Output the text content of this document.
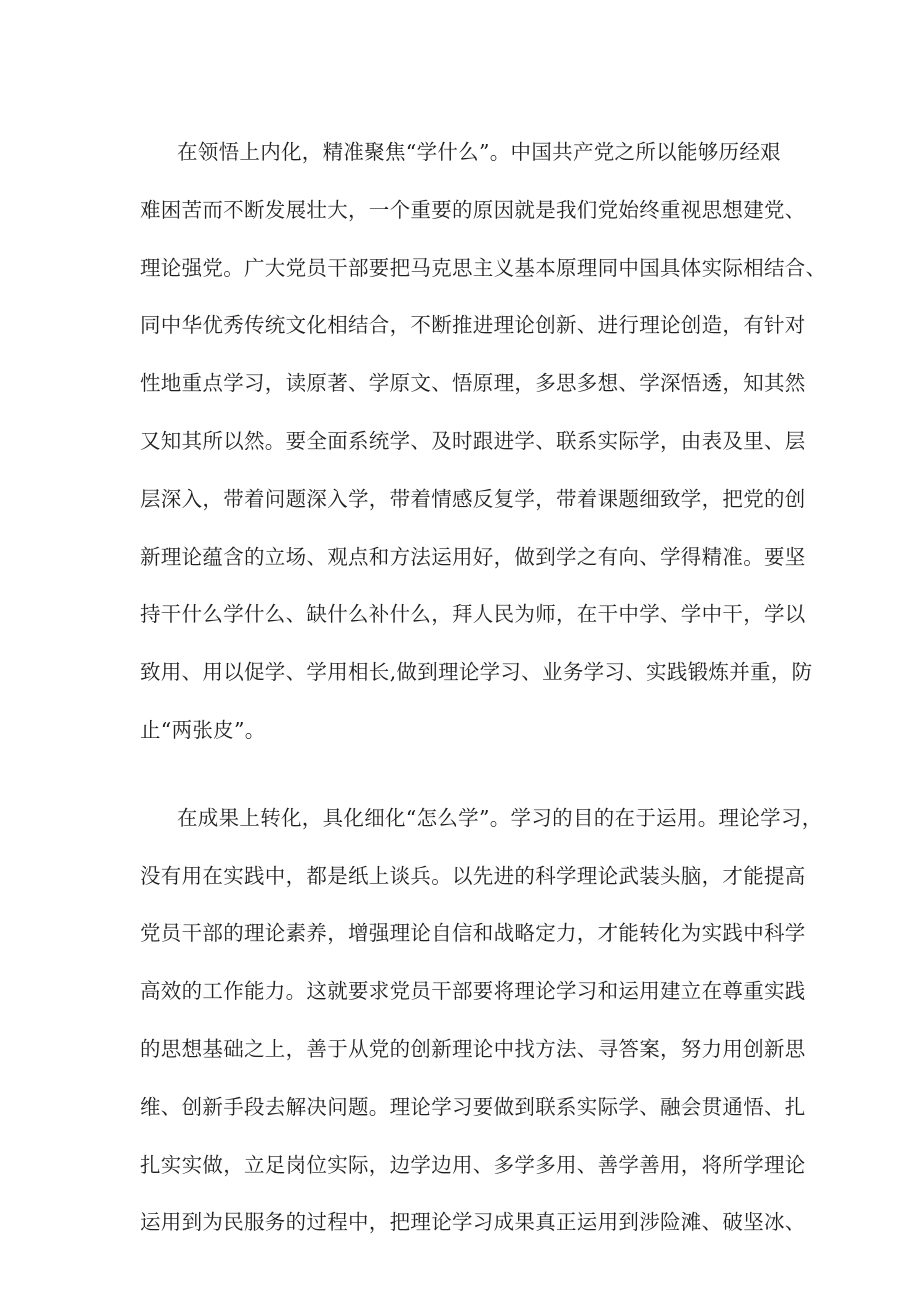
在领悟上内化，精准聚焦“学什么”。中国共产党之所以能够历经艰
难困苦而不断发展壮大，一个重要的原因就是我们党始终重视思想建党、
理论强党。广大党员干部要把马克思主义基本原理同中国具体实际相结合、
同中华优秀传统文化相结合，不断推进理论创新、进行理论创造，有针对
性地重点学习，读原著、学原文、悟原理，多思多想、学深悟透，知其然
又知其所以然。要全面系统学、及时跟进学、联系实际学，由表及里、层
层深入，带着问题深入学，带着情感反复学，带着课题细致学，把党的创
新理论蕴含的立场、观点和方法运用好，做到学之有向、学得精准。要坚
持干什么学什么、缺什么补什么，拜人民为师，在干中学、学中干，学以
致用、用以促学、学用相长,做到理论学习、业务学习、实践锻炼并重，防
止“两张皮”。

在成果上转化，具化细化“怎么学”。学习的目的在于运用。理论学习，
没有用在实践中，都是纸上谈兵。以先进的科学理论武装头脑，才能提高
党员干部的理论素养，增强理论自信和战略定力，才能转化为实践中科学
高效的工作能力。这就要求党员干部要将理论学习和运用建立在尊重实践
的思想基础之上，善于从党的创新理论中找方法、寻答案，努力用创新思
维、创新手段去解决问题。理论学习要做到联系实际学、融会贯通悟、扎
扎实实做，立足岗位实际，边学边用、多学多用、善学善用，将所学理论
运用到为民服务的过程中，把理论学习成果真正运用到涉险滩、破坚冰、
